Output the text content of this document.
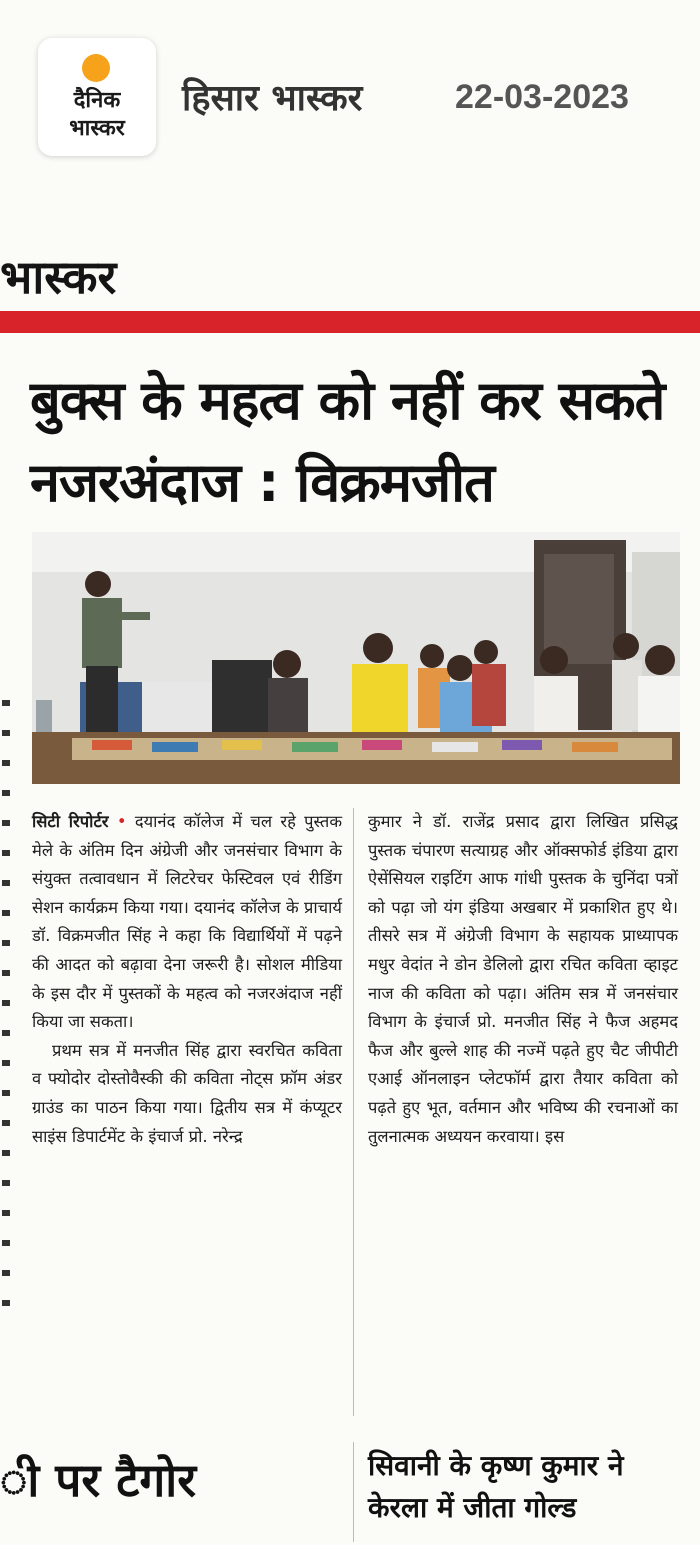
दैनिक
भास्कर
हिसार भास्कर	22-03-2023
भास्कर
बुक्स के महत्व को नहीं कर सकते नजरअंदाज : विक्रमजीत

सिटी रिपोर्टर • दयानंद कॉलेज में चल रहे पुस्तक मेले के अंतिम दिन अंग्रेजी और जनसंचार विभाग के संयुक्त तत्वावधान में लिटरेचर फेस्टिवल एवं रीडिंग सेशन कार्यक्रम किया गया। दयानंद कॉलेज के प्राचार्य डॉ. विक्रमजीत सिंह ने कहा कि विद्यार्थियों में पढ़ने की आदत को बढ़ावा देना जरूरी है। सोशल मीडिया के इस दौर में पुस्तकों के महत्व को नजरअंदाज नहीं किया जा सकता।

प्रथम सत्र में मनजीत सिंह द्वारा स्वरचित कविता व फ्योदोर दोस्तोवैस्की की कविता नोट्स फ्रॉम अंडर ग्राउंड का पाठन किया गया। द्वितीय सत्र में कंप्यूटर साइंस डिपार्टमेंट के इंचार्ज प्रो. नरेन्द्र

कुमार ने डॉ. राजेंद्र प्रसाद द्वारा लिखित प्रसिद्ध पुस्तक चंपारण सत्याग्रह और ऑक्सफोर्ड इंडिया द्वारा ऐसेंसियल राइटिंग आफ गांधी पुस्तक के चुनिंदा पत्रों को पढ़ा जो यंग इंडिया अखबार में प्रकाशित हुए थे। तीसरे सत्र में अंग्रेजी विभाग के सहायक प्राध्यापक मधुर वेदांत ने डोन डेलिलो द्वारा रचित कविता व्हाइट नाज की कविता को पढ़ा। अंतिम सत्र में जनसंचार विभाग के इंचार्ज प्रो. मनजीत सिंह ने फैज अहमद फैज और बुल्ले शाह की नज्में पढ़ते हुए चैट जीपीटी एआई ऑनलाइन प्लेटफॉर्म द्वारा तैयार कविता को पढ़ते हुए भूत, वर्तमान और भविष्य की रचनाओं का तुलनात्मक अध्ययन करवाया। इस

ी पर टैगोर	सिवानी के कृष्ण कुमार ने केरला में जीता गोल्ड
